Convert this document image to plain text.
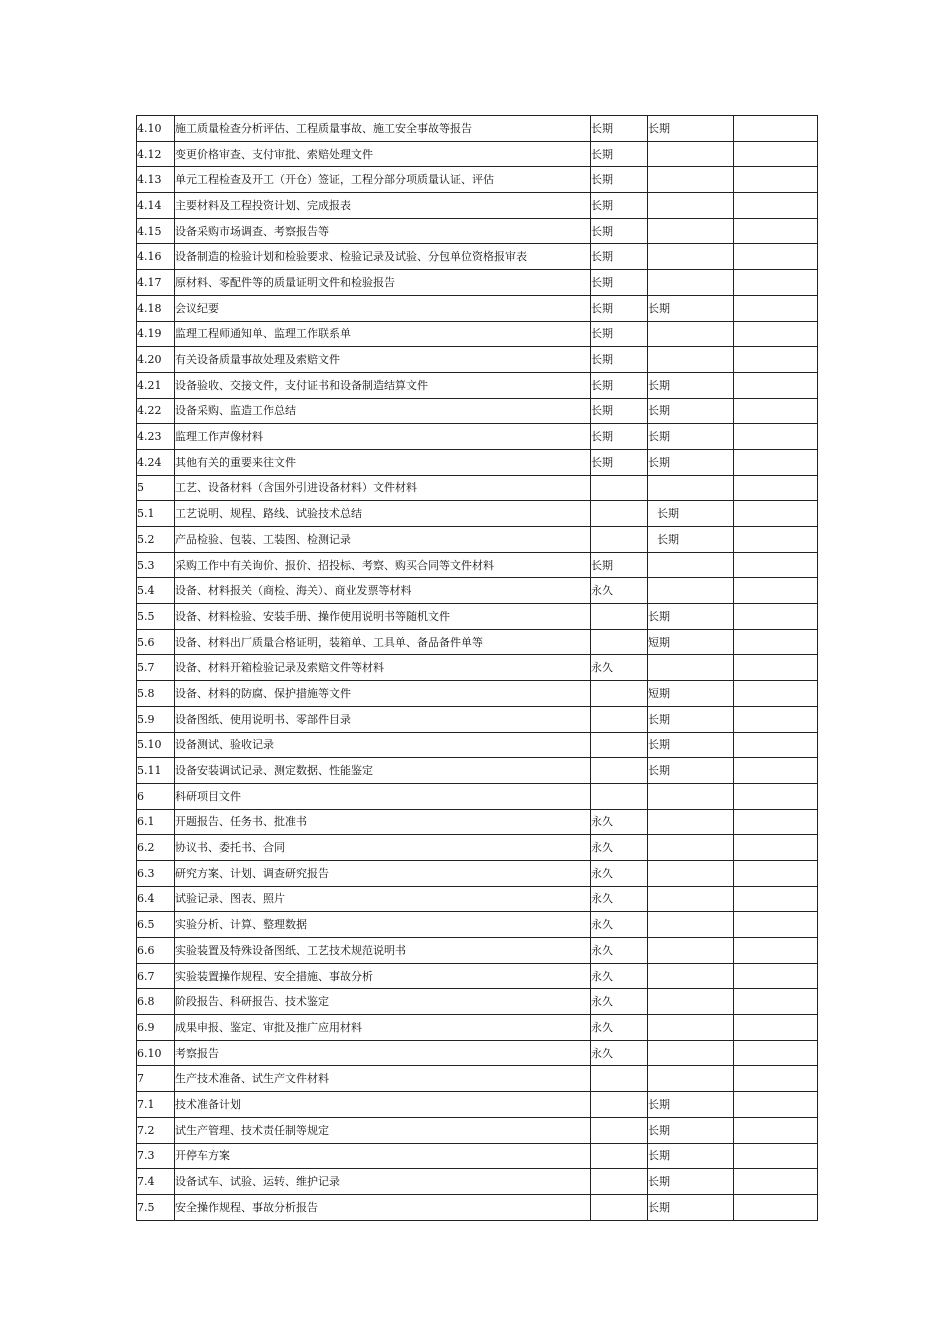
4.10	施工质量检查分析评估、工程质量事故、施工安全事故等报告	长期	长期	
4.12	变更价格审查、支付审批、索赔处理文件	长期		
4.13	单元工程检查及开工（开仓）签证，工程分部分项质量认证、评估	长期		
4.14	主要材料及工程投资计划、完成报表	长期		
4.15	设备采购市场调查、考察报告等	长期		
4.16	设备制造的检验计划和检验要求、检验记录及试验、分包单位资格报审表	长期		
4.17	原材料、零配件等的质量证明文件和检验报告	长期		
4.18	会议纪要	长期	长期	
4.19	监理工程师通知单、监理工作联系单	长期		
4.20	有关设备质量事故处理及索赔文件	长期		
4.21	设备验收、交接文件，支付证书和设备制造结算文件	长期	长期	
4.22	设备采购、监造工作总结	长期	长期	
4.23	监理工作声像材料	长期	长期	
4.24	其他有关的重要来往文件	长期	长期	
5	工艺、设备材料（含国外引进设备材料）文件材料			
5.1	工艺说明、规程、路线、试验技术总结		长期	
5.2	产品检验、包装、工装图、检测记录		长期	
5.3	采购工作中有关询价、报价、招投标、考察、购买合同等文件材料	长期		
5.4	设备、材料报关（商检、海关）、商业发票等材料	永久		
5.5	设备、材料检验、安装手册、操作使用说明书等随机文件		长期	
5.6	设备、材料出厂质量合格证明，装箱单、工具单、备品备件单等		短期	
5.7	设备、材料开箱检验记录及索赔文件等材料	永久		
5.8	设备、材料的防腐、保护措施等文件		短期	
5.9	设备图纸、使用说明书、零部件目录		长期	
5.10	设备测试、验收记录		长期	
5.11	设备安装调试记录、测定数据、性能鉴定		长期	
6	科研项目文件			
6.1	开题报告、任务书、批准书	永久		
6.2	协议书、委托书、合同	永久		
6.3	研究方案、计划、调查研究报告	永久		
6.4	试验记录、图表、照片	永久		
6.5	实验分析、计算、整理数据	永久		
6.6	实验装置及特殊设备图纸、工艺技术规范说明书	永久		
6.7	实验装置操作规程、安全措施、事故分析	永久		
6.8	阶段报告、科研报告、技术鉴定	永久		
6.9	成果申报、鉴定、审批及推广应用材料	永久		
6.10	考察报告	永久		
7	生产技术准备、试生产文件材料			
7.1	技术准备计划		长期	
7.2	试生产管理、技术责任制等规定		长期	
7.3	开停车方案		长期	
7.4	设备试车、试验、运转、维护记录		长期	
7.5	安全操作规程、事故分析报告		长期	
